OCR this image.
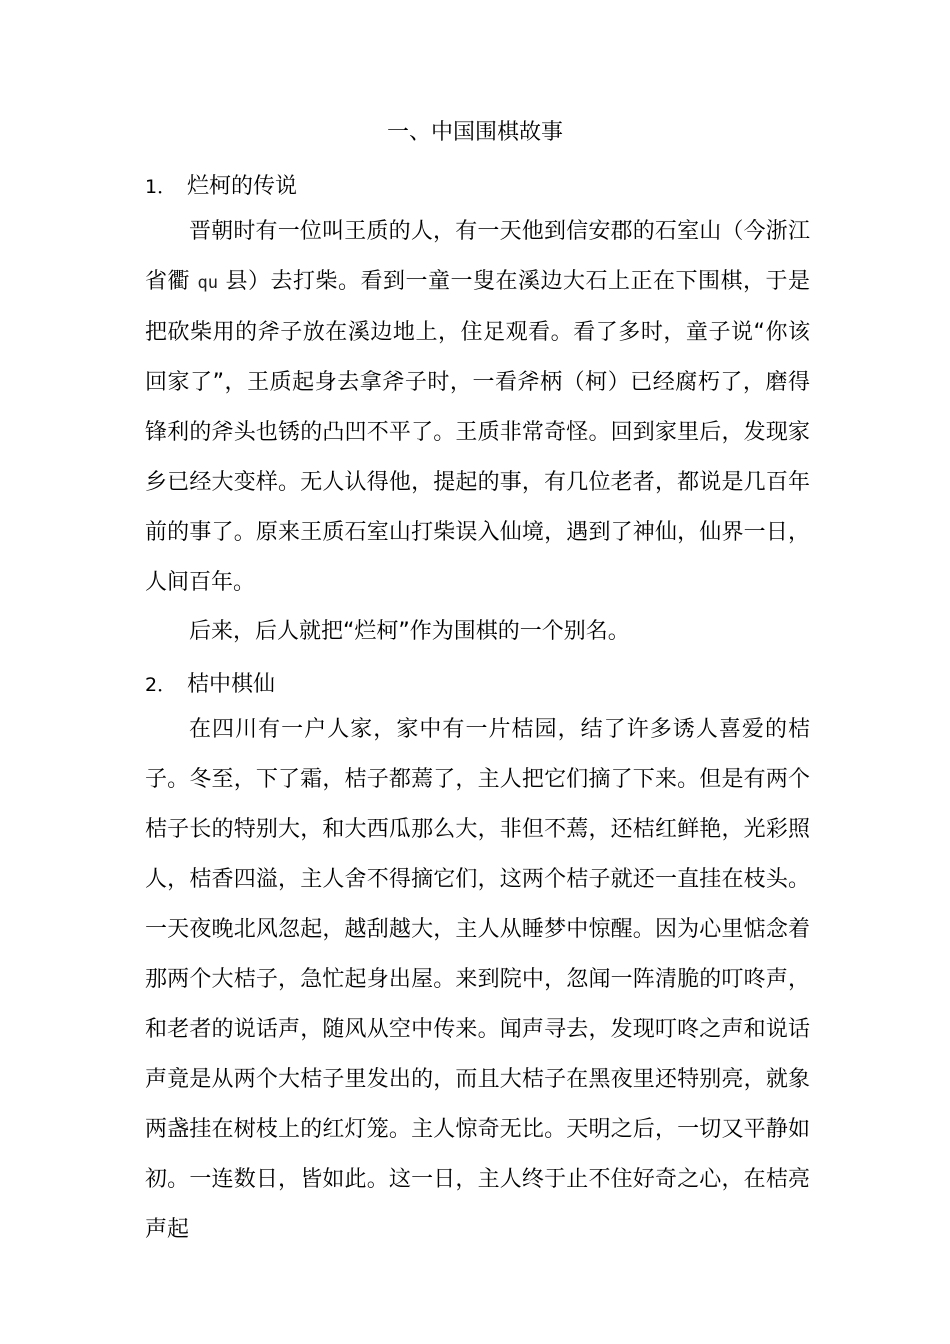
一、中国围棋故事
1． 烂柯的传说

晋朝时有一位叫王质的人，有一天他到信安郡的石室山（今浙江省衢 qu 县）去打柴。看到一童一叟在溪边大石上正在下围棋，于是把砍柴用的斧子放在溪边地上，住足观看。看了多时，童子说“你该回家了”，王质起身去拿斧子时，一看斧柄（柯）已经腐朽了，磨得锋利的斧头也锈的凸凹不平了。王质非常奇怪。回到家里后，发现家乡已经大变样。无人认得他，提起的事，有几位老者，都说是几百年前的事了。原来王质石室山打柴误入仙境，遇到了神仙，仙界一日，人间百年。

后来，后人就把“烂柯”作为围棋的一个别名。

2． 桔中棋仙

在四川有一户人家，家中有一片桔园，结了许多诱人喜爱的桔子。冬至，下了霜，桔子都蔫了，主人把它们摘了下来。但是有两个桔子长的特别大，和大西瓜那么大，非但不蔫，还桔红鲜艳，光彩照人，桔香四溢，主人舍不得摘它们，这两个桔子就还一直挂在枝头。一天夜晚北风忽起，越刮越大，主人从睡梦中惊醒。因为心里惦念着那两个大桔子，急忙起身出屋。来到院中，忽闻一阵清脆的叮咚声，和老者的说话声，随风从空中传来。闻声寻去，发现叮咚之声和说话声竟是从两个大桔子里发出的，而且大桔子在黑夜里还特别亮，就象两盏挂在树枝上的红灯笼。主人惊奇无比。天明之后，一切又平静如初。一连数日，皆如此。这一日，主人终于止不住好奇之心，在桔亮声起
